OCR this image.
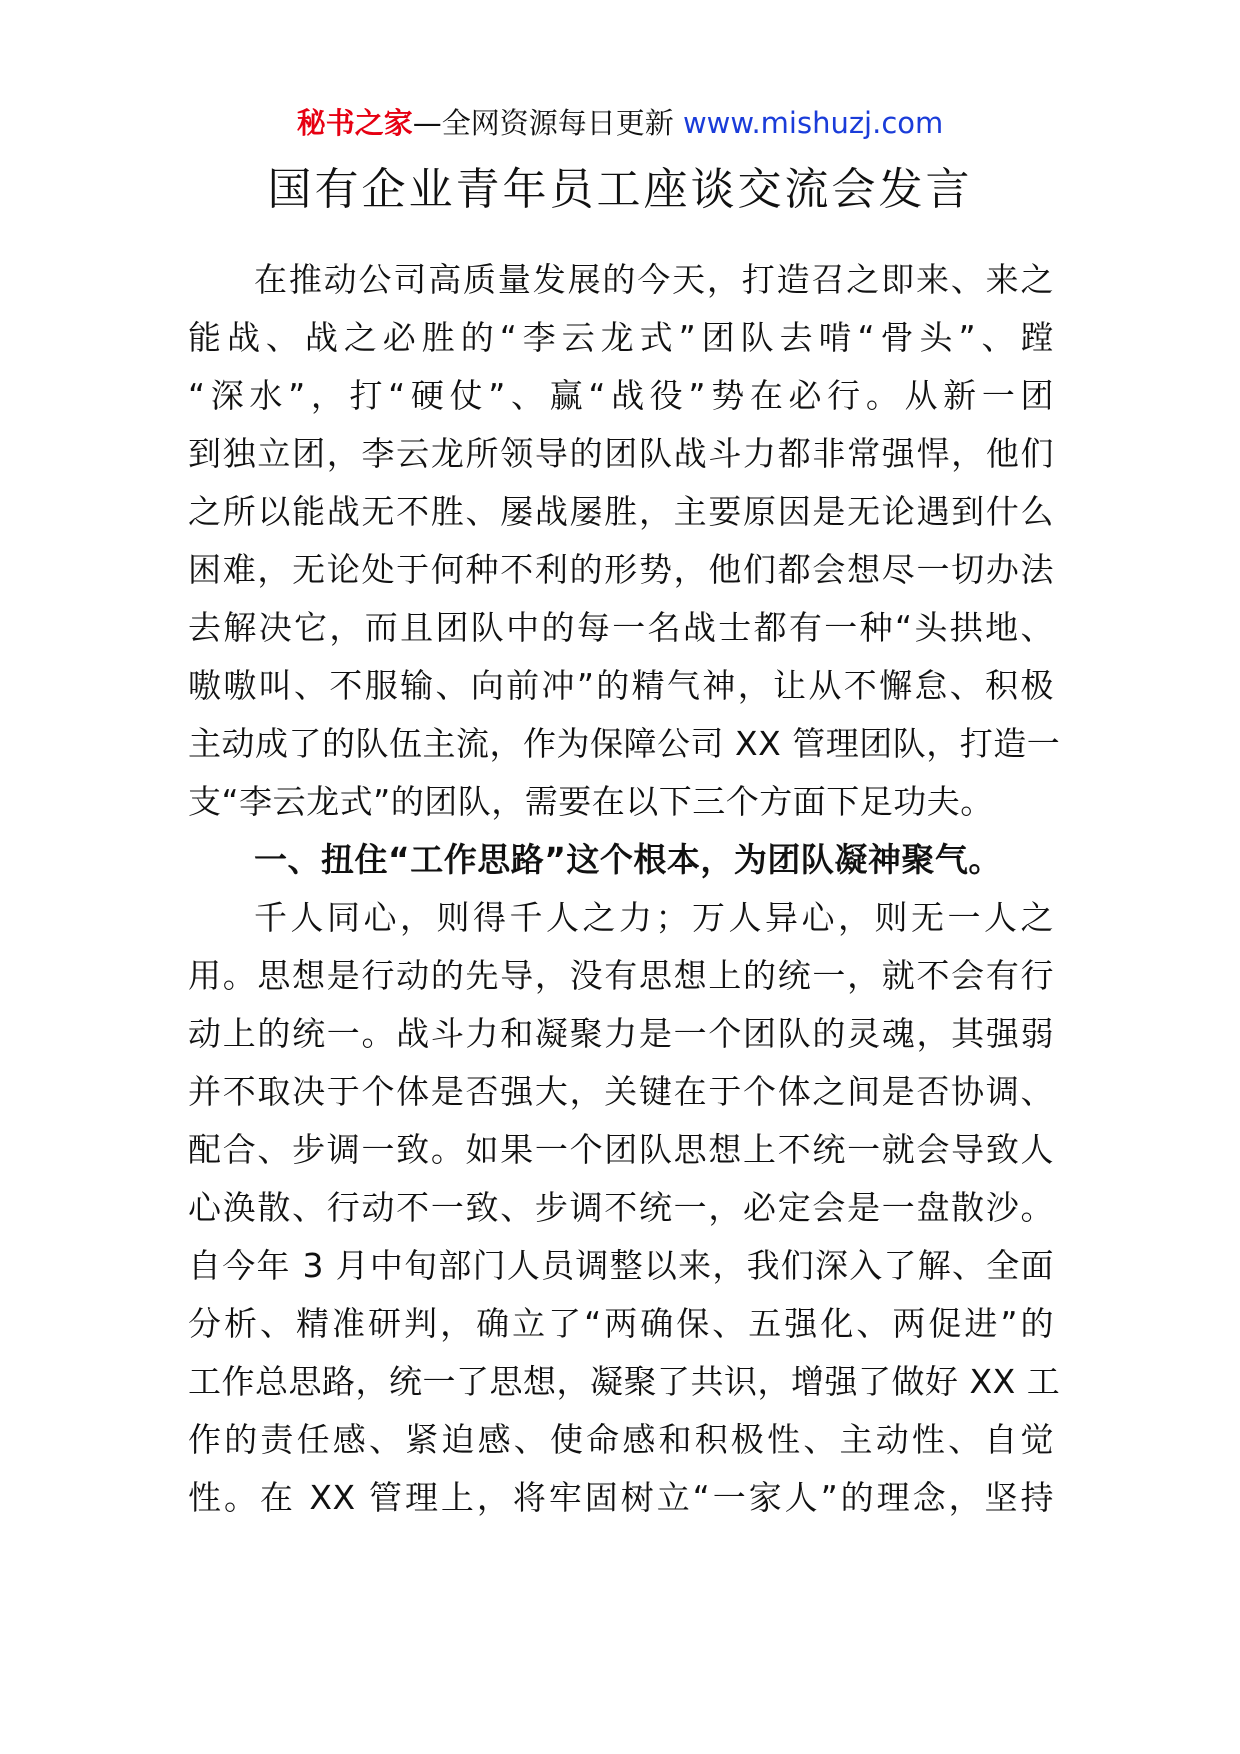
秘书之家—全网资源每日更新 www.mishuzj.com
国有企业青年员工座谈交流会发言
在推动公司高质量发展的今天，打造召之即来、来之
能战、战之必胜的“李云龙式”团队去啃“骨头”、蹚
“深水”，打“硬仗”、赢“战役”势在必行。从新一团
到独立团，李云龙所领导的团队战斗力都非常强悍，他们
之所以能战无不胜、屡战屡胜，主要原因是无论遇到什么
困难，无论处于何种不利的形势，他们都会想尽一切办法
去解决它，而且团队中的每一名战士都有一种“头拱地、
嗷嗷叫、不服输、向前冲”的精气神，让从不懈怠、积极
主动成了的队伍主流，作为保障公司 XX 管理团队，打造一
支“李云龙式”的团队，需要在以下三个方面下足功夫。
一、扭住“工作思路”这个根本，为团队凝神聚气。
千人同心，则得千人之力；万人异心，则无一人之
用。思想是行动的先导，没有思想上的统一，就不会有行
动上的统一。战斗力和凝聚力是一个团队的灵魂，其强弱
并不取决于个体是否强大，关键在于个体之间是否协调、
配合、步调一致。如果一个团队思想上不统一就会导致人
心涣散、行动不一致、步调不统一，必定会是一盘散沙。
自今年 3 月中旬部门人员调整以来，我们深入了解、全面
分析、精准研判，确立了“两确保、五强化、两促进”的
工作总思路，统一了思想，凝聚了共识，增强了做好 XX 工
作的责任感、紧迫感、使命感和积极性、主动性、自觉
性。在 XX 管理上，将牢固树立“一家人”的理念，坚持
